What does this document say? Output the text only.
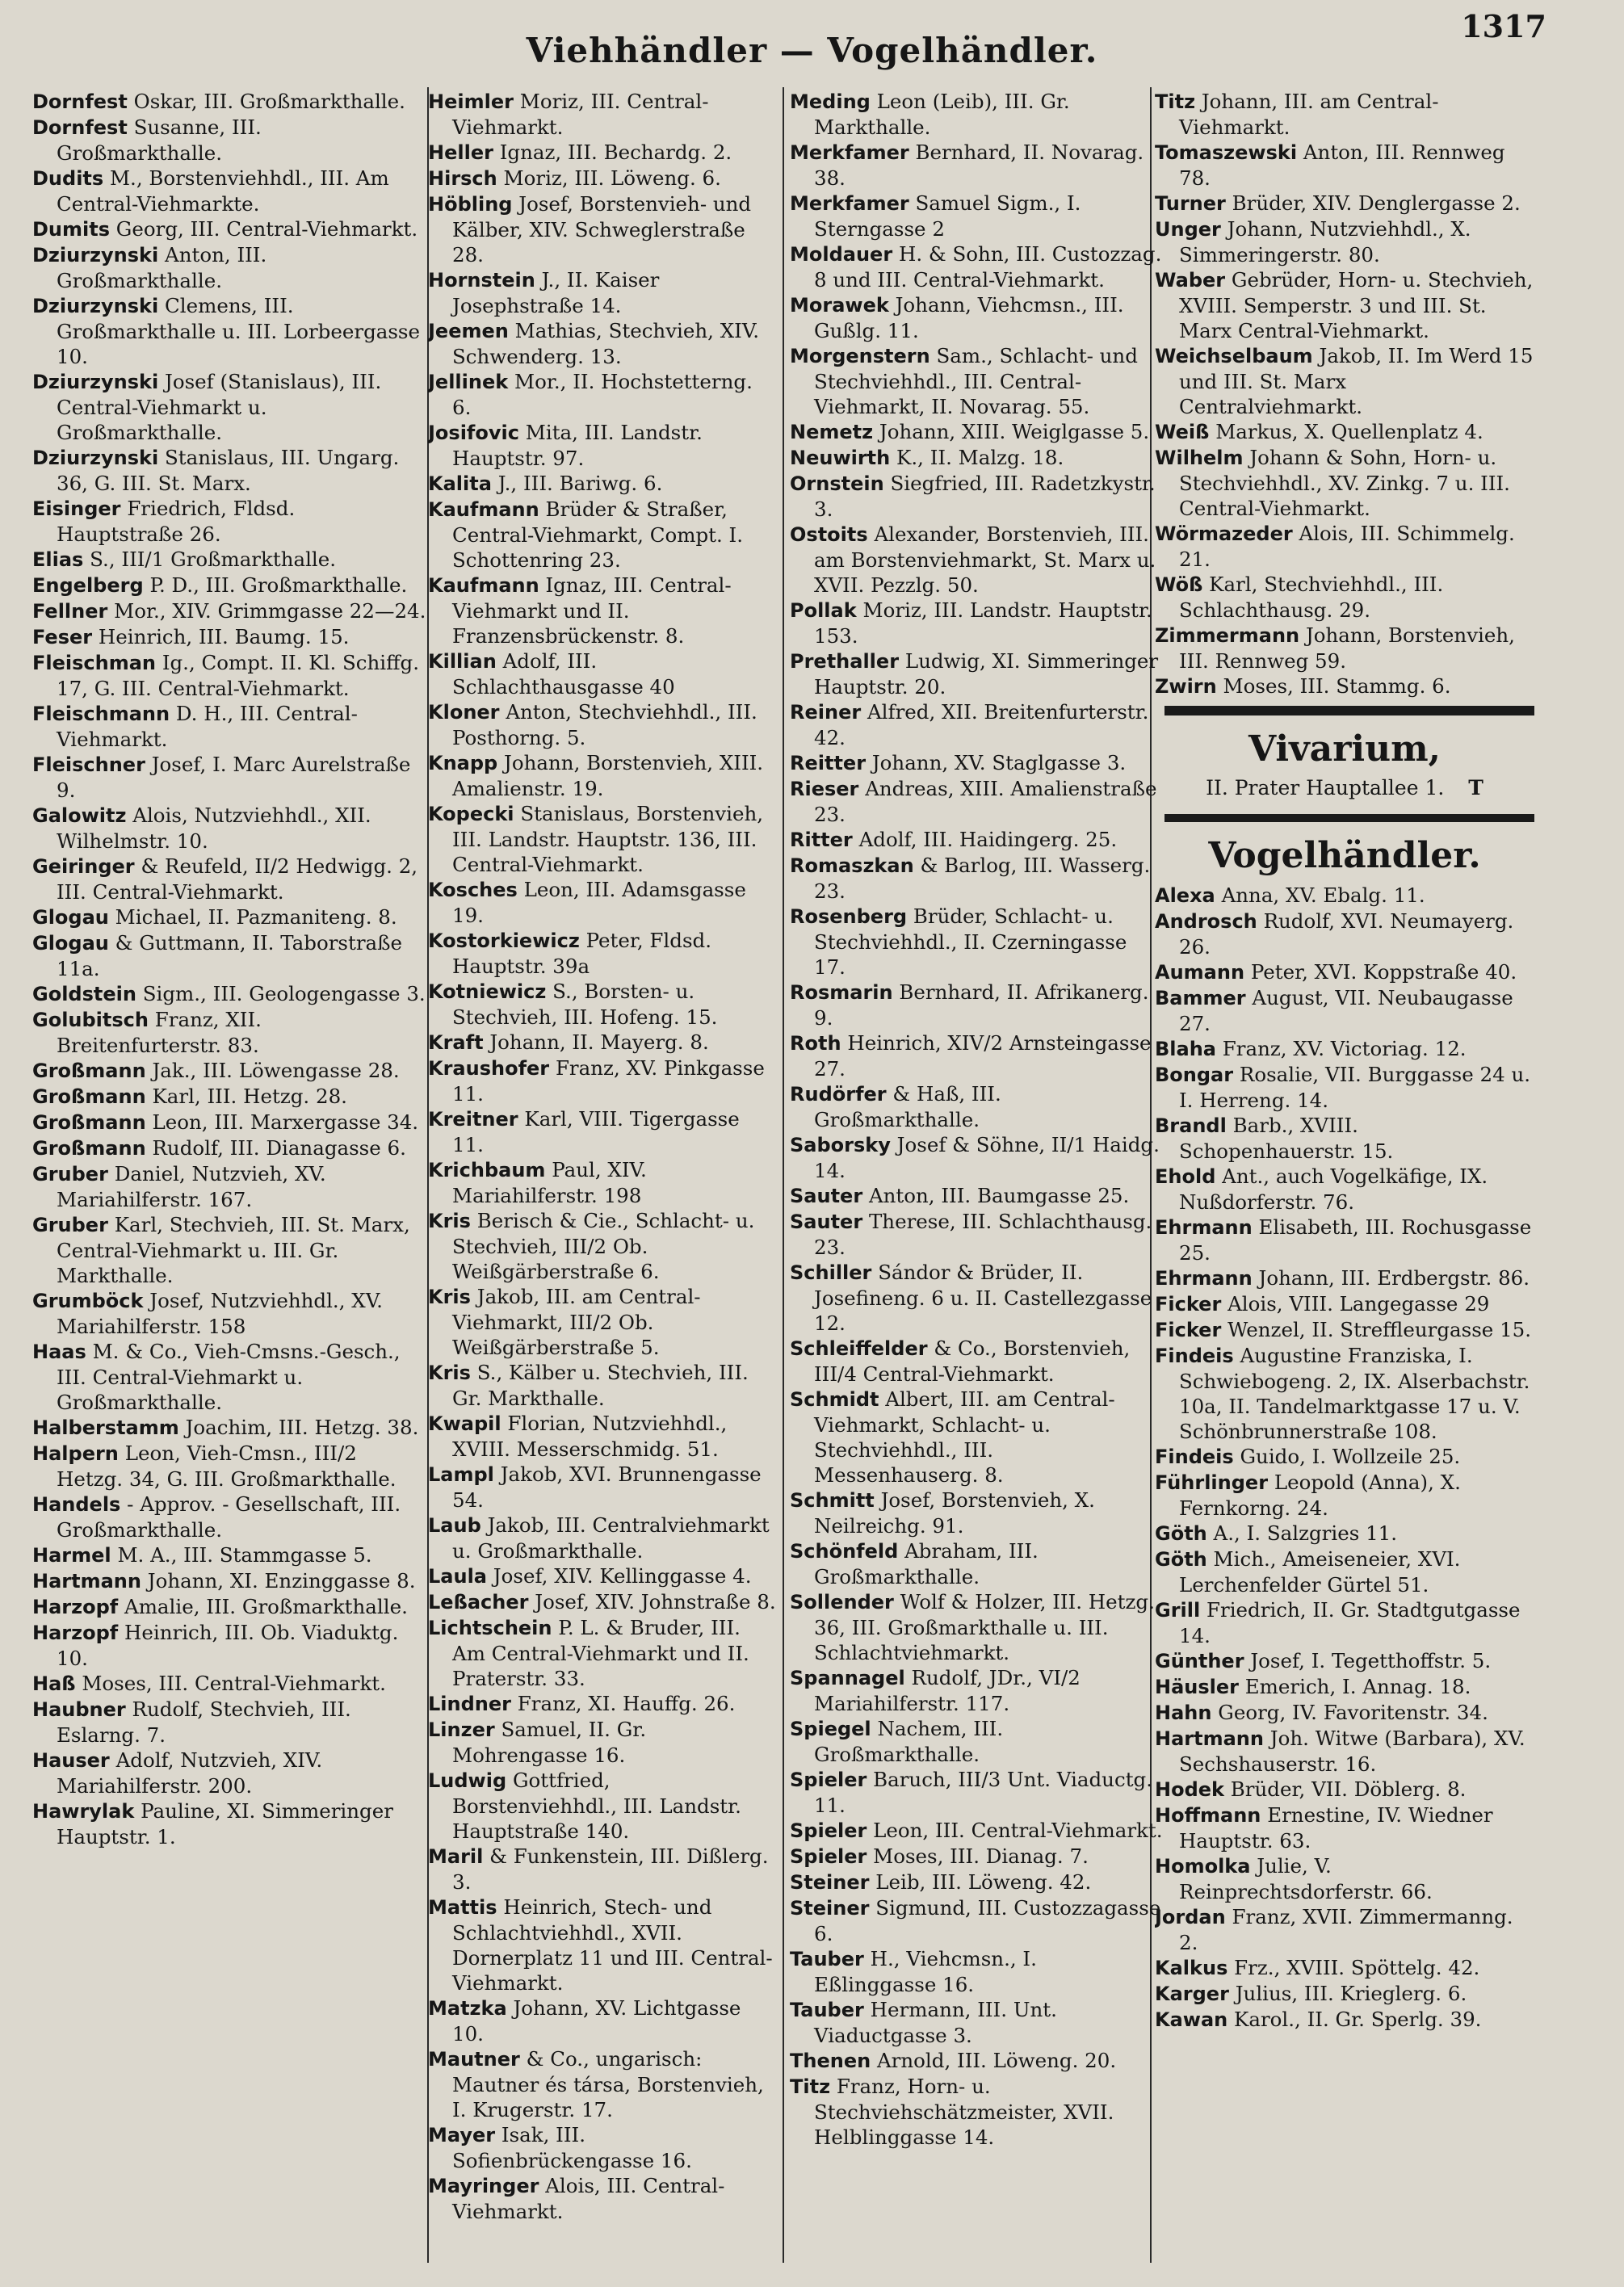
Viehhändler — Vogelhändler.
1317

Dornfest Oskar, III. Großmarkthalle.

Dornfest Susanne, III. Großmarkthalle.

Dudits M., Borstenviehhdl., III. Am Central-Viehmarkte.

Dumits Georg, III. Central-Viehmarkt.

Dziurzynski Anton, III. Großmarkthalle.

Dziurzynski Clemens, III. Großmarkthalle u. III. Lorbeergasse 10.

Dziurzynski Josef (Stanislaus), III. Central-Viehmarkt u. Großmarkthalle.

Dziurzynski Stanislaus, III. Ungarg. 36, G. III. St. Marx.

Eisinger Friedrich, Fldsd. Hauptstraße 26.

Elias S., III/1 Großmarkthalle.

Engelberg P. D., III. Großmarkthalle.

Fellner Mor., XIV. Grimmgasse 22—24.

Feser Heinrich, III. Baumg. 15.

Fleischman Ig., Compt. II. Kl. Schiffg. 17, G. III. Central-Viehmarkt.

Fleischmann D. H., III. Central-Viehmarkt.

Fleischner Josef, I. Marc Aurelstraße 9.

Galowitz Alois, Nutzviehhdl., XII. Wilhelmstr. 10.

Geiringer & Reufeld, II/2 Hedwigg. 2, III. Central-Viehmarkt.

Glogau Michael, II. Pazmaniteng. 8.

Glogau & Guttmann, II. Taborstraße 11a.

Goldstein Sigm., III. Geologengasse 3.

Golubitsch Franz, XII. Breitenfurterstr. 83.

Großmann Jak., III. Löwengasse 28.

Großmann Karl, III. Hetzg. 28.

Großmann Leon, III. Marxergasse 34.

Großmann Rudolf, III. Dianagasse 6.

Gruber Daniel, Nutzvieh, XV. Mariahilferstr. 167.

Gruber Karl, Stechvieh, III. St. Marx, Central-Viehmarkt u. III. Gr. Markthalle.

Grumböck Josef, Nutzviehhdl., XV. Mariahilferstr. 158

Haas M. & Co., Vieh-Cmsns.-Gesch., III. Central-Viehmarkt u. Großmarkthalle.

Halberstamm Joachim, III. Hetzg. 38.

Halpern Leon, Vieh-Cmsn., III/2 Hetzg. 34, G. III. Großmarkthalle.

Handels - Approv. - Gesellschaft, III. Großmarkthalle.

Harmel M. A., III. Stammgasse 5.

Hartmann Johann, XI. Enzinggasse 8.

Harzopf Amalie, III. Großmarkthalle.

Harzopf Heinrich, III. Ob. Viaduktg. 10.

Haß Moses, III. Central-Viehmarkt.

Haubner Rudolf, Stechvieh, III. Eslarng. 7.

Hauser Adolf, Nutzvieh, XIV. Mariahilferstr. 200.

Hawrylak Pauline, XI. Simmeringer Hauptstr. 1.

Heimler Moriz, III. Central-Viehmarkt.

Heller Ignaz, III. Bechardg. 2.

Hirsch Moriz, III. Löweng. 6.

Höbling Josef, Borstenvieh- und Kälber, XIV. Schweglerstraße 28.

Hornstein J., II. Kaiser Josephstraße 14.

Jeemen Mathias, Stechvieh, XIV. Schwenderg. 13.

Jellinek Mor., II. Hochstetterng. 6.

Josifovic Mita, III. Landstr. Hauptstr. 97.

Kalita J., III. Bariwg. 6.

Kaufmann Brüder & Straßer, Central-Viehmarkt, Compt. I. Schottenring 23.

Kaufmann Ignaz, III. Central-Viehmarkt und II. Franzensbrückenstr. 8.

Killian Adolf, III. Schlachthausgasse 40

Kloner Anton, Stechviehhdl., III. Posthorng. 5.

Knapp Johann, Borstenvieh, XIII. Amalienstr. 19.

Kopecki Stanislaus, Borstenvieh, III. Landstr. Hauptstr. 136, III. Central-Viehmarkt.

Kosches Leon, III. Adamsgasse 19.

Kostorkiewicz Peter, Fldsd. Hauptstr. 39a

Kotniewicz S., Borsten- u. Stechvieh, III. Hofeng. 15.

Kraft Johann, II. Mayerg. 8.

Kraushofer Franz, XV. Pinkgasse 11.

Kreitner Karl, VIII. Tigergasse 11.

Krichbaum Paul, XIV. Mariahilferstr. 198

Kris Berisch & Cie., Schlacht- u. Stechvieh, III/2 Ob. Weißgärberstraße 6.

Kris Jakob, III. am Central-Viehmarkt, III/2 Ob. Weißgärberstraße 5.

Kris S., Kälber u. Stechvieh, III. Gr. Markthalle.

Kwapil Florian, Nutzviehhdl., XVIII. Messerschmidg. 51.

Lampl Jakob, XVI. Brunnengasse 54.

Laub Jakob, III. Centralviehmarkt u. Großmarkthalle.

Laula Josef, XIV. Kellinggasse 4.

Leßacher Josef, XIV. Johnstraße 8.

Lichtschein P. L. & Bruder, III. Am Central-Viehmarkt und II. Praterstr. 33.

Lindner Franz, XI. Hauffg. 26.

Linzer Samuel, II. Gr. Mohrengasse 16.

Ludwig Gottfried, Borstenviehhdl., III. Landstr. Hauptstraße 140.

Maril & Funkenstein, III. Dißlerg. 3.

Mattis Heinrich, Stech- und Schlachtviehhdl., XVII. Dornerplatz 11 und III. Central-Viehmarkt.

Matzka Johann, XV. Lichtgasse 10.

Mautner & Co., ungarisch: Mautner és társa, Borstenvieh, I. Krugerstr. 17.

Mayer Isak, III. Sofienbrückengasse 16.

Mayringer Alois, III. Central-Viehmarkt.

Meding Leon (Leib), III. Gr. Markthalle.

Merkfamer Bernhard, II. Novarag. 38.

Merkfamer Samuel Sigm., I. Sterngasse 2

Moldauer H. & Sohn, III. Custozzag. 8 und III. Central-Viehmarkt.

Morawek Johann, Viehcmsn., III. Gußlg. 11.

Morgenstern Sam., Schlacht- und Stechviehhdl., III. Central-Viehmarkt, II. Novarag. 55.

Nemetz Johann, XIII. Weiglgasse 5.

Neuwirth K., II. Malzg. 18.

Ornstein Siegfried, III. Radetzkystr. 3.

Ostoits Alexander, Borstenvieh, III. am Borstenviehmarkt, St. Marx u. XVII. Pezzlg. 50.

Pollak Moriz, III. Landstr. Hauptstr. 153.

Prethaller Ludwig, XI. Simmeringer Hauptstr. 20.

Reiner Alfred, XII. Breitenfurterstr. 42.

Reitter Johann, XV. Staglgasse 3.

Rieser Andreas, XIII. Amalienstraße 23.

Ritter Adolf, III. Haidingerg. 25.

Romaszkan & Barlog, III. Wasserg. 23.

Rosenberg Brüder, Schlacht- u. Stechviehhdl., II. Czerningasse 17.

Rosmarin Bernhard, II. Afrikanerg. 9.

Roth Heinrich, XIV/2 Arnsteingasse 27.

Rudörfer & Haß, III. Großmarkthalle.

Saborsky Josef & Söhne, II/1 Haidg. 14.

Sauter Anton, III. Baumgasse 25.

Sauter Therese, III. Schlachthausg. 23.

Schiller Sándor & Brüder, II. Josefineng. 6 u. II. Castellezgasse 12.

Schleiffelder & Co., Borstenvieh, III/4 Central-Viehmarkt.

Schmidt Albert, III. am Central-Viehmarkt, Schlacht- u. Stechviehhdl., III. Messenhauserg. 8.

Schmitt Josef, Borstenvieh, X. Neilreichg. 91.

Schönfeld Abraham, III. Großmarkthalle.

Sollender Wolf & Holzer, III. Hetzg. 36, III. Großmarkthalle u. III. Schlachtviehmarkt.

Spannagel Rudolf, JDr., VI/2 Mariahilferstr. 117.

Spiegel Nachem, III. Großmarkthalle.

Spieler Baruch, III/3 Unt. Viaductg. 11.

Spieler Leon, III. Central-Viehmarkt.

Spieler Moses, III. Dianag. 7.

Steiner Leib, III. Löweng. 42.

Steiner Sigmund, III. Custozzagasse 6.

Tauber H., Viehcmsn., I. Eßlinggasse 16.

Tauber Hermann, III. Unt. Viaductgasse 3.

Thenen Arnold, III. Löweng. 20.

Titz Franz, Horn- u. Stechviehschätzmeister, XVII. Helblinggasse 14.

Titz Johann, III. am Central-Viehmarkt.

Tomaszewski Anton, III. Rennweg 78.

Turner Brüder, XIV. Denglergasse 2.

Unger Johann, Nutzviehhdl., X. Simmeringerstr. 80.

Waber Gebrüder, Horn- u. Stechvieh, XVIII. Semperstr. 3 und III. St. Marx Central-Viehmarkt.

Weichselbaum Jakob, II. Im Werd 15 und III. St. Marx Centralviehmarkt.

Weiß Markus, X. Quellenplatz 4.

Wilhelm Johann & Sohn, Horn- u. Stechviehhdl., XV. Zinkg. 7 u. III. Central-Viehmarkt.

Wörmazeder Alois, III. Schimmelg. 21.

Wöß Karl, Stechviehhdl., III. Schlachthausg. 29.

Zimmermann Johann, Borstenvieh, III. Rennweg 59.

Zwirn Moses, III. Stammg. 6.

Vivarium,
II. Prater Hauptallee 1. T
Vogelhändler.

Alexa Anna, XV. Ebalg. 11.

Androsch Rudolf, XVI. Neumayerg. 26.

Aumann Peter, XVI. Koppstraße 40.

Bammer August, VII. Neubaugasse 27.

Blaha Franz, XV. Victoriag. 12.

Bongar Rosalie, VII. Burggasse 24 u. I. Herreng. 14.

Brandl Barb., XVIII. Schopenhauerstr. 15.

Ehold Ant., auch Vogelkäfige, IX. Nußdorferstr. 76.

Ehrmann Elisabeth, III. Rochusgasse 25.

Ehrmann Johann, III. Erdbergstr. 86.

Ficker Alois, VIII. Langegasse 29

Ficker Wenzel, II. Streffleurgasse 15.

Findeis Augustine Franziska, I. Schwiebogeng. 2, IX. Alserbachstr. 10a, II. Tandelmarktgasse 17 u. V. Schönbrunnerstraße 108.

Findeis Guido, I. Wollzeile 25.

Führlinger Leopold (Anna), X. Fernkorng. 24.

Göth A., I. Salzgries 11.

Göth Mich., Ameiseneier, XVI. Lerchenfelder Gürtel 51.

Grill Friedrich, II. Gr. Stadtgutgasse 14.

Günther Josef, I. Tegetthoffstr. 5.

Häusler Emerich, I. Annag. 18.

Hahn Georg, IV. Favoritenstr. 34.

Hartmann Joh. Witwe (Barbara), XV. Sechshauserstr. 16.

Hodek Brüder, VII. Döblerg. 8.

Hoffmann Ernestine, IV. Wiedner Hauptstr. 63.

Homolka Julie, V. Reinprechtsdorferstr. 66.

Jordan Franz, XVII. Zimmermanng. 2.

Kalkus Frz., XVIII. Spöttelg. 42.

Karger Julius, III. Krieglerg. 6.

Kawan Karol., II. Gr. Sperlg. 39.
